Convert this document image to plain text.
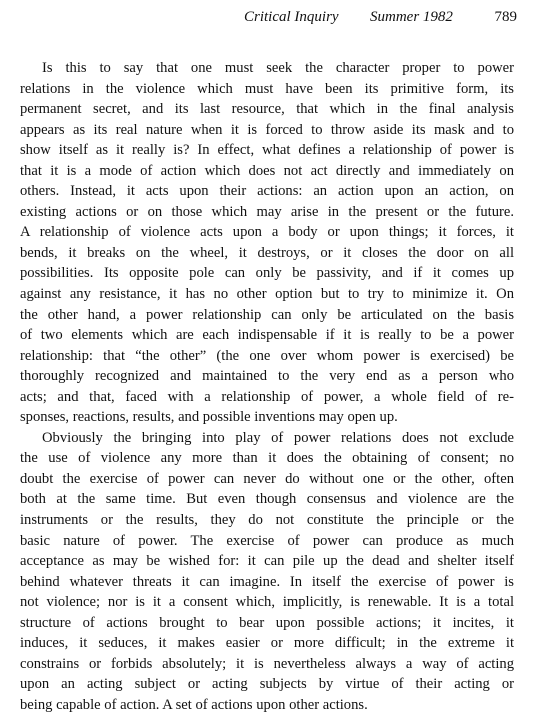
Critical Inquiry Summer 1982	789
Is this to say that one must seek the character proper to power
relations in the violence which must have been its primitive form, its
permanent secret, and its last resource, that which in the final analysis
appears as its real nature when it is forced to throw aside its mask and to
show itself as it really is? In effect, what defines a relationship of power is
that it is a mode of action which does not act directly and immediately on
others. Instead, it acts upon their actions: an action upon an action, on
existing actions or on those which may arise in the present or the future.
A relationship of violence acts upon a body or upon things; it forces, it
bends, it breaks on the wheel, it destroys, or it closes the door on all
possibilities. Its opposite pole can only be passivity, and if it comes up
against any resistance, it has no other option but to try to minimize it. On
the other hand, a power relationship can only be articulated on the basis
of two elements which are each indispensable if it is really to be a power
relationship: that “the other” (the one over whom power is exercised) be
thoroughly recognized and maintained to the very end as a person who
acts; and that, faced with a relationship of power, a whole field of re-
sponses, reactions, results, and possible inventions may open up.
Obviously the bringing into play of power relations does not exclude
the use of violence any more than it does the obtaining of consent; no
doubt the exercise of power can never do without one or the other, often
both at the same time. But even though consensus and violence are the
instruments or the results, they do not constitute the principle or the
basic nature of power. The exercise of power can produce as much
acceptance as may be wished for: it can pile up the dead and shelter itself
behind whatever threats it can imagine. In itself the exercise of power is
not violence; nor is it a consent which, implicitly, is renewable. It is a total
structure of actions brought to bear upon possible actions; it incites, it
induces, it seduces, it makes easier or more difficult; in the extreme it
constrains or forbids absolutely; it is nevertheless always a way of acting
upon an acting subject or acting subjects by virtue of their acting or
being capable of action. A set of actions upon other actions.
